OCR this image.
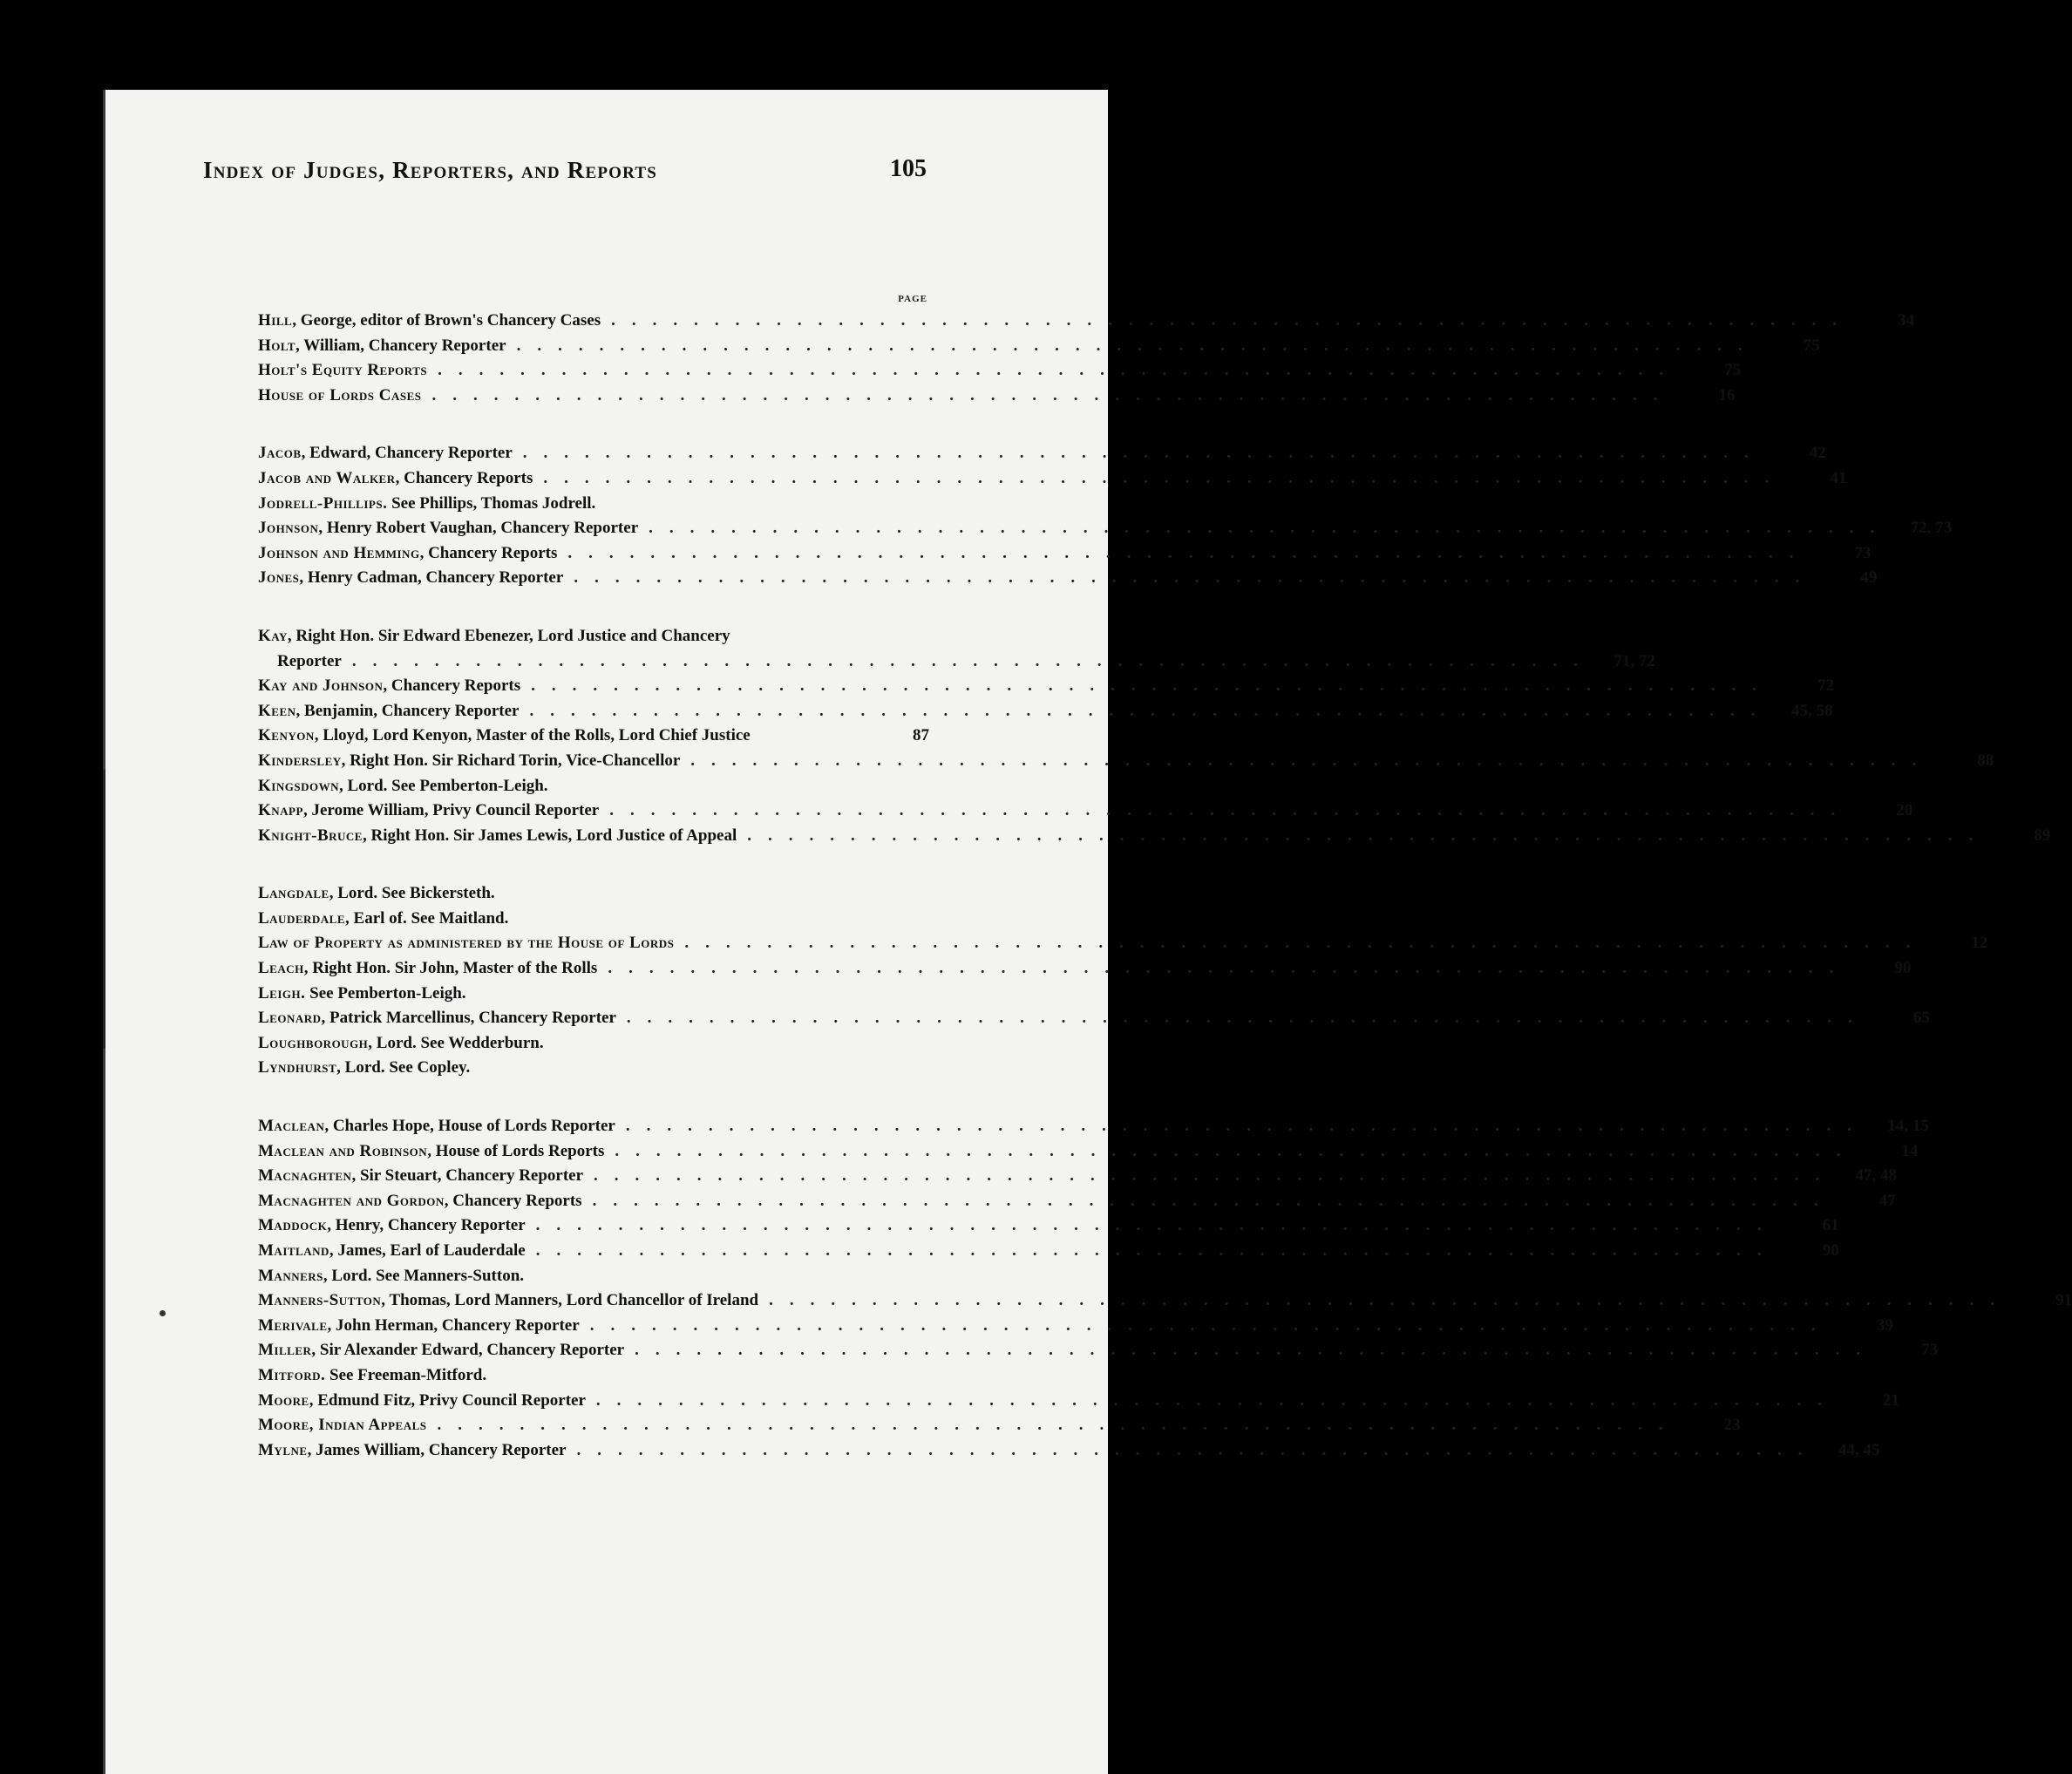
Index of Judges, Reporters, and Reports	105
PAGE
Hill, George, editor of Brown's Chancery Cases ............................................................	34
Holt, William, Chancery Reporter ............................................................	75
Holt's Equity Reports ............................................................	75
House of Lords Cases ............................................................	16
Jacob, Edward, Chancery Reporter ............................................................	42
Jacob and Walker, Chancery Reports ............................................................	41
Jodrell-Phillips. See Phillips, Thomas Jodrell.
Johnson, Henry Robert Vaughan, Chancery Reporter ............................................................	72, 73
Johnson and Hemming, Chancery Reports ............................................................	73
Jones, Henry Cadman, Chancery Reporter ............................................................	49
Kay, Right Hon. Sir Edward Ebenezer, Lord Justice and Chancery
Reporter ............................................................	71, 72
Kay and Johnson, Chancery Reports ............................................................	72
Keen, Benjamin, Chancery Reporter ............................................................	45, 58
Kenyon, Lloyd, Lord Kenyon, Master of the Rolls, Lord Chief Justice	87
Kindersley, Right Hon. Sir Richard Torin, Vice-Chancellor ............................................................	88
Kingsdown, Lord. See Pemberton-Leigh.
Knapp, Jerome William, Privy Council Reporter ............................................................	20
Knight-Bruce, Right Hon. Sir James Lewis, Lord Justice of Appeal ............................................................	89
Langdale, Lord. See Bickersteth.
Lauderdale, Earl of. See Maitland.
Law of Property as administered by the House of Lords ............................................................	12
Leach, Right Hon. Sir John, Master of the Rolls ............................................................	90
Leigh. See Pemberton-Leigh.
Leonard, Patrick Marcellinus, Chancery Reporter ............................................................	65
Loughborough, Lord. See Wedderburn.
Lyndhurst, Lord. See Copley.
Maclean, Charles Hope, House of Lords Reporter ............................................................	14, 15
Maclean and Robinson, House of Lords Reports ............................................................	14
Macnaghten, Sir Steuart, Chancery Reporter ............................................................	47, 48
Macnaghten and Gordon, Chancery Reports ............................................................	47
Maddock, Henry, Chancery Reporter ............................................................	61
Maitland, James, Earl of Lauderdale ............................................................	90
Manners, Lord. See Manners-Sutton.
Manners-Sutton, Thomas, Lord Manners, Lord Chancellor of Ireland ............................................................	91
Merivale, John Herman, Chancery Reporter ............................................................	39
Miller, Sir Alexander Edward, Chancery Reporter ............................................................	73
Mitford. See Freeman-Mitford.
Moore, Edmund Fitz, Privy Council Reporter ............................................................	21
Moore, Indian Appeals ............................................................	23
Mylne, James William, Chancery Reporter ............................................................	44, 45
